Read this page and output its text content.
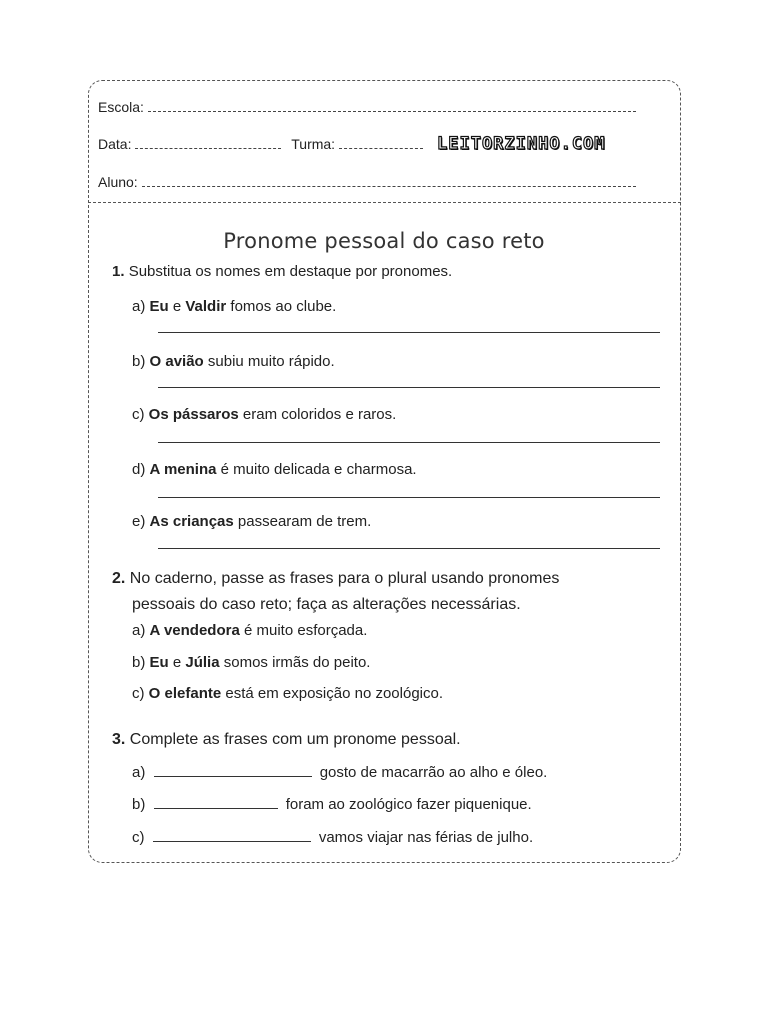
Escola:
Data:	Turma:	LEITORZINHO.COM
Aluno:
Pronome pessoal do caso reto
1. Substitua os nomes em destaque por pronomes.
a) Eu e Valdir fomos ao clube.
b) O avião subiu muito rápido.
c) Os pássaros eram coloridos e raros.
d) A menina é muito delicada e charmosa.
e) As crianças passearam de trem.
2. No caderno, passe as frases para o plural usando pronomes
pessoais do caso reto; faça as alterações necessárias.
a) A vendedora é muito esforçada.
b) Eu e Júlia somos irmãs do peito.
c) O elefante está em exposição no zoológico.
3. Complete as frases com um pronome pessoal.
a)	gosto de macarrão ao alho e óleo.
b)	foram ao zoológico fazer piquenique.
c)	vamos viajar nas férias de julho.
